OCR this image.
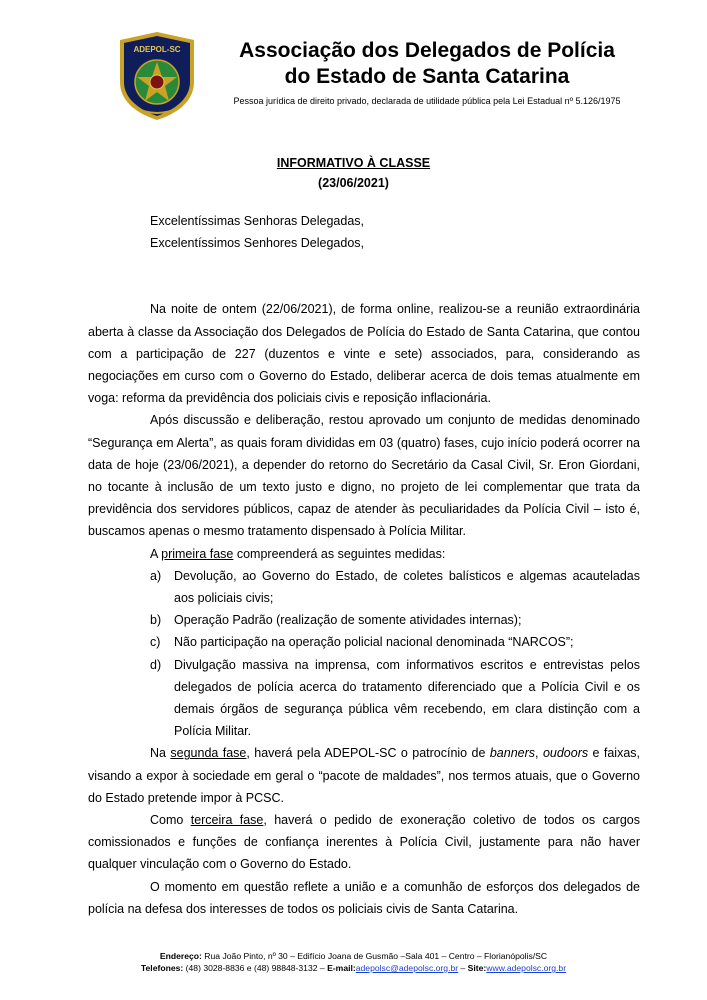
ADEPOL-SC	Associação dos Delegados de Polícia
do Estado de Santa Catarina
Pessoa jurídica de direito privado, declarada de utilidade pública pela Lei Estadual nº 5.126/1975
INFORMATIVO À CLASSE
(23/06/2021)

Excelentíssimas Senhoras Delegadas,

Excelentíssimos Senhores Delegados,

Na noite de ontem (22/06/2021), de forma online, realizou-se a reunião extraordinária aberta à classe da Associação dos Delegados de Polícia do Estado de Santa Catarina, que contou com a participação de 227 (duzentos e vinte e sete) associados, para, considerando as negociações em curso com o Governo do Estado, deliberar acerca de dois temas atualmente em voga: reforma da previdência dos policiais civis e reposição inflacionária.

Após discussão e deliberação, restou aprovado um conjunto de medidas denominado “Segurança em Alerta”, as quais foram divididas em 03 (quatro) fases, cujo início poderá ocorrer na data de hoje (23/06/2021), a depender do retorno do Secretário da Casal Civil, Sr. Eron Giordani, no tocante à inclusão de um texto justo e digno, no projeto de lei complementar que trata da previdência dos servidores públicos, capaz de atender às peculiaridades da Polícia Civil – isto é, buscamos apenas o mesmo tratamento dispensado à Polícia Militar.

A primeira fase compreenderá as seguintes medidas:

a)	Devolução, ao Governo do Estado, de coletes balísticos e algemas acauteladas aos policiais civis;
b)	Operação Padrão (realização de somente atividades internas);
c)	Não participação na operação policial nacional denominada “NARCOS”;
d)	Divulgação massiva na imprensa, com informativos escritos e entrevistas pelos delegados de polícia acerca do tratamento diferenciado que a Polícia Civil e os demais órgãos de segurança pública vêm recebendo, em clara distinção com a Polícia Militar.

Na segunda fase, haverá pela ADEPOL-SC o patrocínio de banners, oudoors e faixas, visando a expor à sociedade em geral o “pacote de maldades”, nos termos atuais, que o Governo do Estado pretende impor à PCSC.

Como terceira fase, haverá o pedido de exoneração coletivo de todos os cargos comissionados e funções de confiança inerentes à Polícia Civil, justamente para não haver qualquer vinculação com o Governo do Estado.

O momento em questão reflete a união e a comunhão de esforços dos delegados de polícia na defesa dos interesses de todos os policiais civis de Santa Catarina.

Endereço: Rua João Pinto, nº 30 – Edifício Joana de Gusmão –Sala 401 – Centro – Florianópolis/SC
Telefones: (48) 3028-8836 e (48) 98848-3132 – E-mail:adepolsc@adepolsc.org.br – Site:www.adepolsc.org.br
